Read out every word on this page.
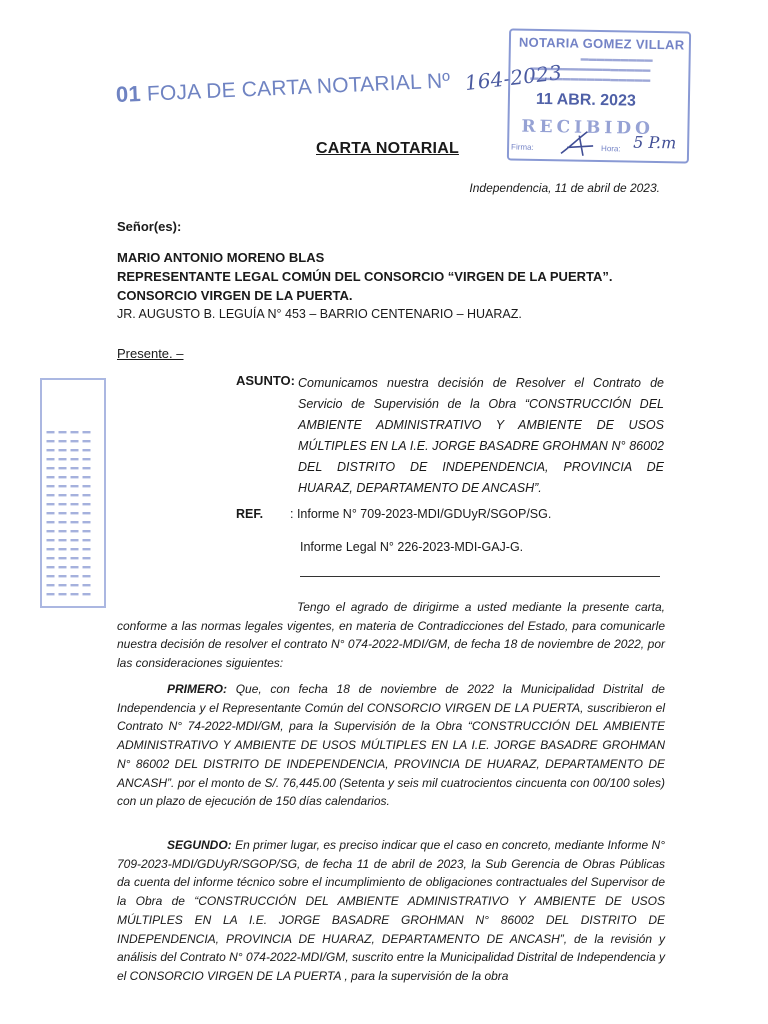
01 FOJA DE CARTA NOTARIAL Nº 164-2023
NOTARIA GOMEZ VILLAR
▬▬▬▬▬▬▬▬▬
▬▬▬▬▬▬▬▬▬▬▬▬▬▬▬
▬▬▬▬▬▬▬▬▬▬▬▬▬▬▬
11 ABR. 2023
RECIBIDO
Firma:	Hora: 5 P.m
▬▬▬▬▬▬▬▬▬▬▬▬▬▬▬▬▬▬▬ ▬▬▬▬▬▬▬▬▬▬▬▬▬▬▬▬▬▬▬ ▬▬▬▬▬▬▬▬▬▬▬▬▬▬▬▬▬▬▬ ▬▬▬▬▬▬▬▬▬▬▬▬▬▬▬▬▬▬▬
CARTA NOTARIAL
Independencia, 11 de abril de 2023.
Señor(es):
MARIO ANTONIO MORENO BLAS
REPRESENTANTE LEGAL COMÚN DEL CONSORCIO “VIRGEN DE LA PUERTA”.
CONSORCIO VIRGEN DE LA PUERTA.
JR. AUGUSTO B. LEGUÍA N° 453 – BARRIO CENTENARIO – HUARAZ.
Presente. –
ASUNTO: Comunicamos nuestra decisión de Resolver el Contrato de Servicio de Supervisión de la Obra “CONSTRUCCIÓN DEL AMBIENTE ADMINISTRATIVO Y AMBIENTE DE USOS MÚLTIPLES EN LA I.E. JORGE BASADRE GROHMAN N° 86002 DEL DISTRITO DE INDEPENDENCIA, PROVINCIA DE HUARAZ, DEPARTAMENTO DE ANCASH”.
REF. : Informe N° 709-2023-MDI/GDUyR/SGOP/SG.
Informe Legal N° 226-2023-MDI-GAJ-G.
Tengo el agrado de dirigirme a usted mediante la presente carta, conforme a las normas legales vigentes, en materia de Contradicciones del Estado, para comunicarle nuestra decisión de resolver el contrato N° 074-2022-MDI/GM, de fecha 18 de noviembre de 2022, por las consideraciones siguientes:
PRIMERO: Que, con fecha 18 de noviembre de 2022 la Municipalidad Distrital de Independencia y el Representante Común del CONSORCIO VIRGEN DE LA PUERTA, suscribieron el Contrato N° 74-2022-MDI/GM, para la Supervisión de la Obra “CONSTRUCCIÓN DEL AMBIENTE ADMINISTRATIVO Y AMBIENTE DE USOS MÚLTIPLES EN LA I.E. JORGE BASADRE GROHMAN N° 86002 DEL DISTRITO DE INDEPENDENCIA, PROVINCIA DE HUARAZ, DEPARTAMENTO DE ANCASH”. por el monto de S/. 76,445.00 (Setenta y seis mil cuatrocientos cincuenta con 00/100 soles) con un plazo de ejecución de 150 días calendarios.
SEGUNDO: En primer lugar, es preciso indicar que el caso en concreto, mediante Informe N° 709-2023-MDI/GDUyR/SGOP/SG, de fecha 11 de abril de 2023, la Sub Gerencia de Obras Públicas da cuenta del informe técnico sobre el incumplimiento de obligaciones contractuales del Supervisor de la Obra de “CONSTRUCCIÓN DEL AMBIENTE ADMINISTRATIVO Y AMBIENTE DE USOS MÚLTIPLES EN LA I.E. JORGE BASADRE GROHMAN N° 86002 DEL DISTRITO DE INDEPENDENCIA, PROVINCIA DE HUARAZ, DEPARTAMENTO DE ANCASH”, de la revisión y análisis del Contrato N° 074-2022-MDI/GM, suscrito entre la Municipalidad Distrital de Independencia y el CONSORCIO VIRGEN DE LA PUERTA , para la supervisión de la obra
